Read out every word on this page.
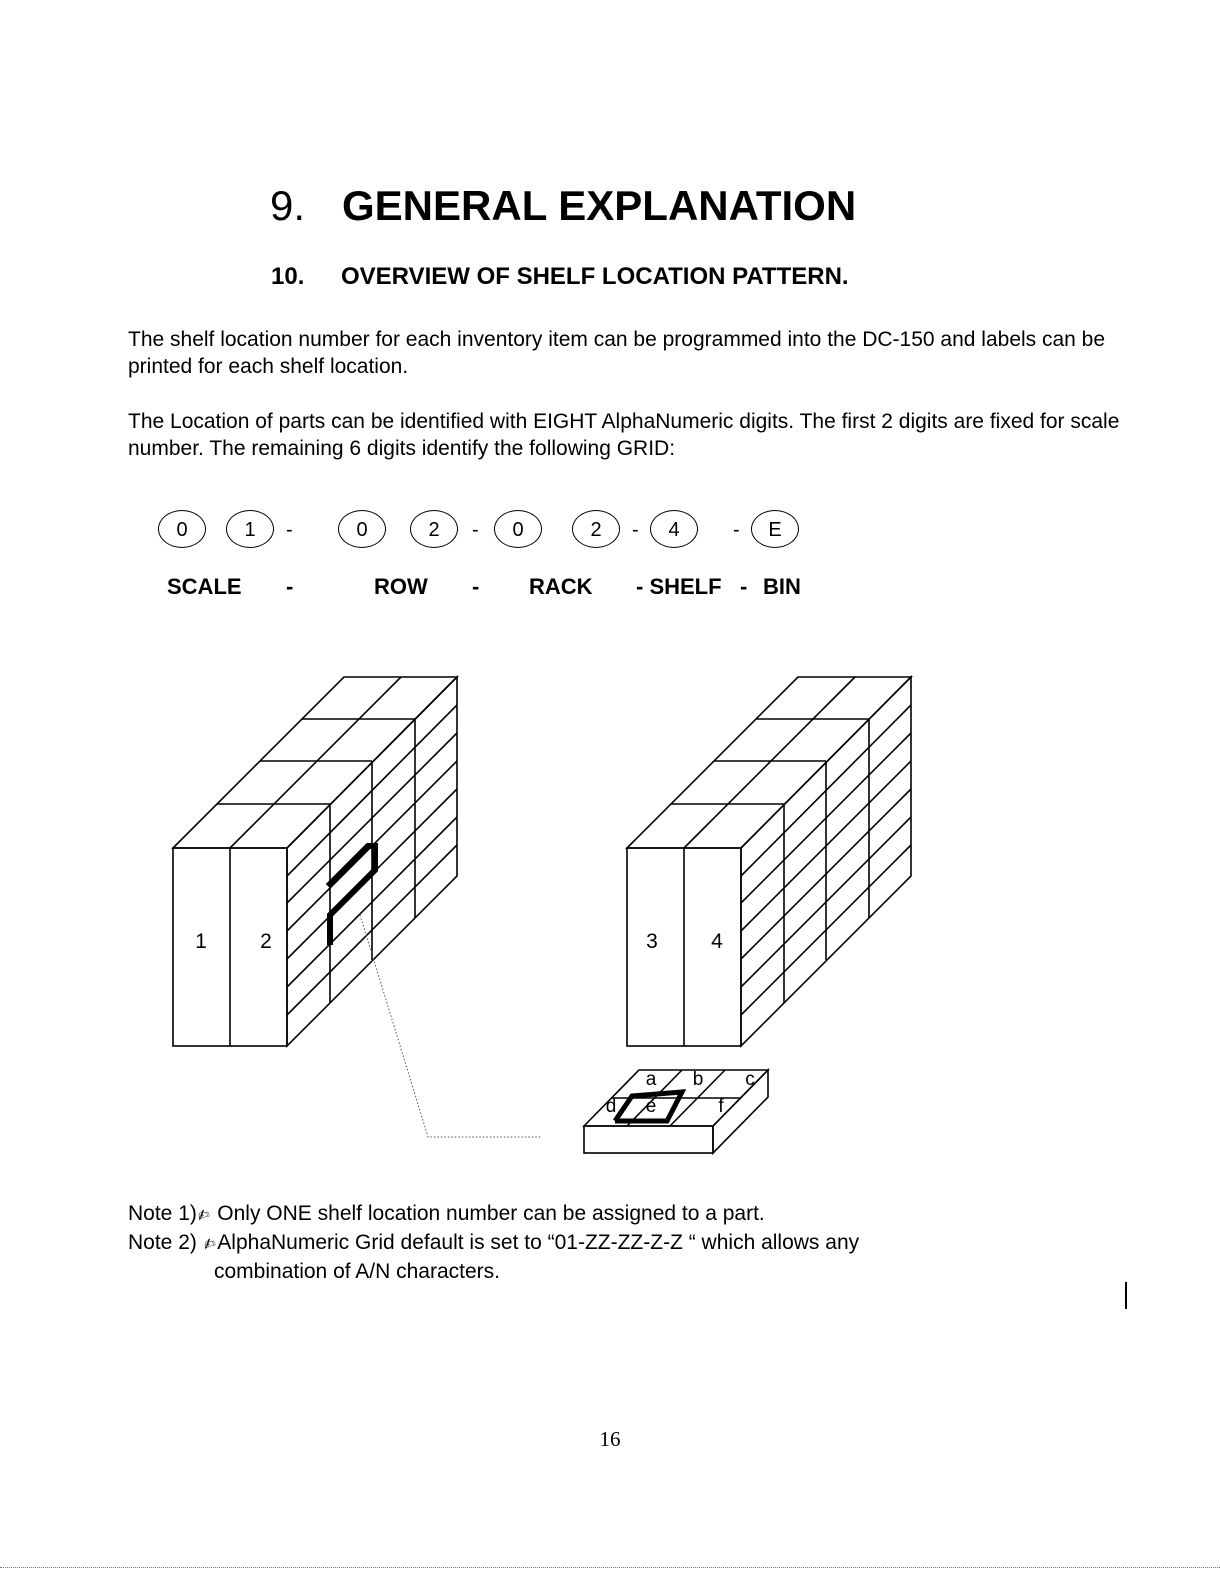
9. GENERAL EXPLANATION
10. OVERVIEW OF SHELF LOCATION PATTERN.
The shelf location number for each inventory item can be programmed into the DC-150 and labels can be printed for each shelf location.
The Location of parts can be identified with EIGHT AlphaNumeric digits. The first 2 digits are fixed for scale number. The remaining 6 digits identify the following GRID:
0	1	-	0	2	-	0	2	-	4	-	E
SCALE -	ROW - RACK - SHELF - BIN
1	2	3	4
a b c
d e	f
Note 1)✍ Only ONE shelf location number can be assigned to a part.
Note 2) ✍AlphaNumeric Grid default is set to “01-ZZ-ZZ-Z-Z “ which allows any
combination of A/N characters.
16
